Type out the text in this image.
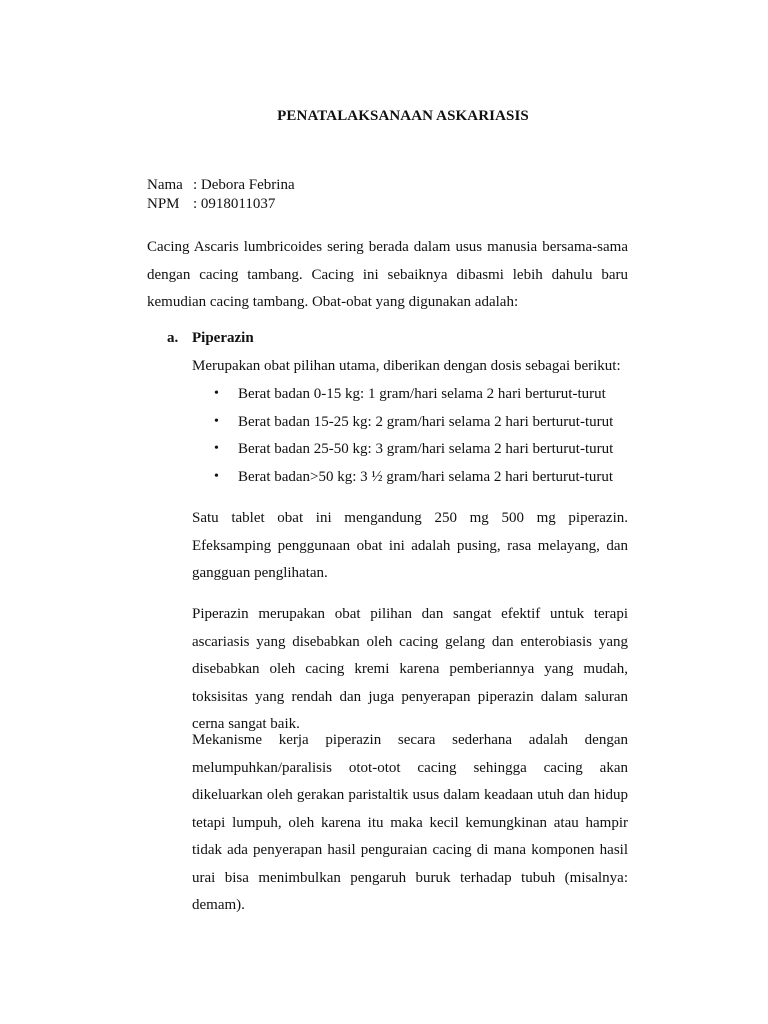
PENATALAKSANAAN ASKARIASIS
Nama : Debora Febrina
NPM : 0918011037

Cacing Ascaris lumbricoides sering berada dalam usus manusia bersama-sama dengan cacing tambang. Cacing ini sebaiknya dibasmi lebih dahulu baru kemudian cacing tambang. Obat-obat yang digunakan adalah:

a. Piperazin
Merupakan obat pilihan utama, diberikan dengan dosis sebagai berikut:
•	Berat badan 0-15 kg: 1 gram/hari selama 2 hari berturut-turut
•	Berat badan 15-25 kg: 2 gram/hari selama 2 hari berturut-turut
•	Berat badan 25-50 kg: 3 gram/hari selama 2 hari berturut-turut
•	Berat badan>50 kg: 3 ½ gram/hari selama 2 hari berturut-turut

Satu tablet obat ini mengandung 250 mg 500 mg piperazin. Efeksamping penggunaan obat ini adalah pusing, rasa melayang, dan gangguan penglihatan.

Piperazin merupakan obat pilihan dan sangat efektif untuk terapi ascariasis yang disebabkan oleh cacing gelang dan enterobiasis yang disebabkan oleh cacing kremi karena pemberiannya yang mudah, toksisitas yang rendah dan juga penyerapan piperazin dalam saluran cerna sangat baik.

Mekanisme kerja piperazin secara sederhana adalah dengan melumpuhkan/paralisis otot-otot cacing sehingga cacing akan dikeluarkan oleh gerakan paristaltik usus dalam keadaan utuh dan hidup tetapi lumpuh, oleh karena itu maka kecil kemungkinan atau hampir tidak ada penyerapan hasil penguraian cacing di mana komponen hasil urai bisa menimbulkan pengaruh buruk terhadap tubuh (misalnya: demam).
